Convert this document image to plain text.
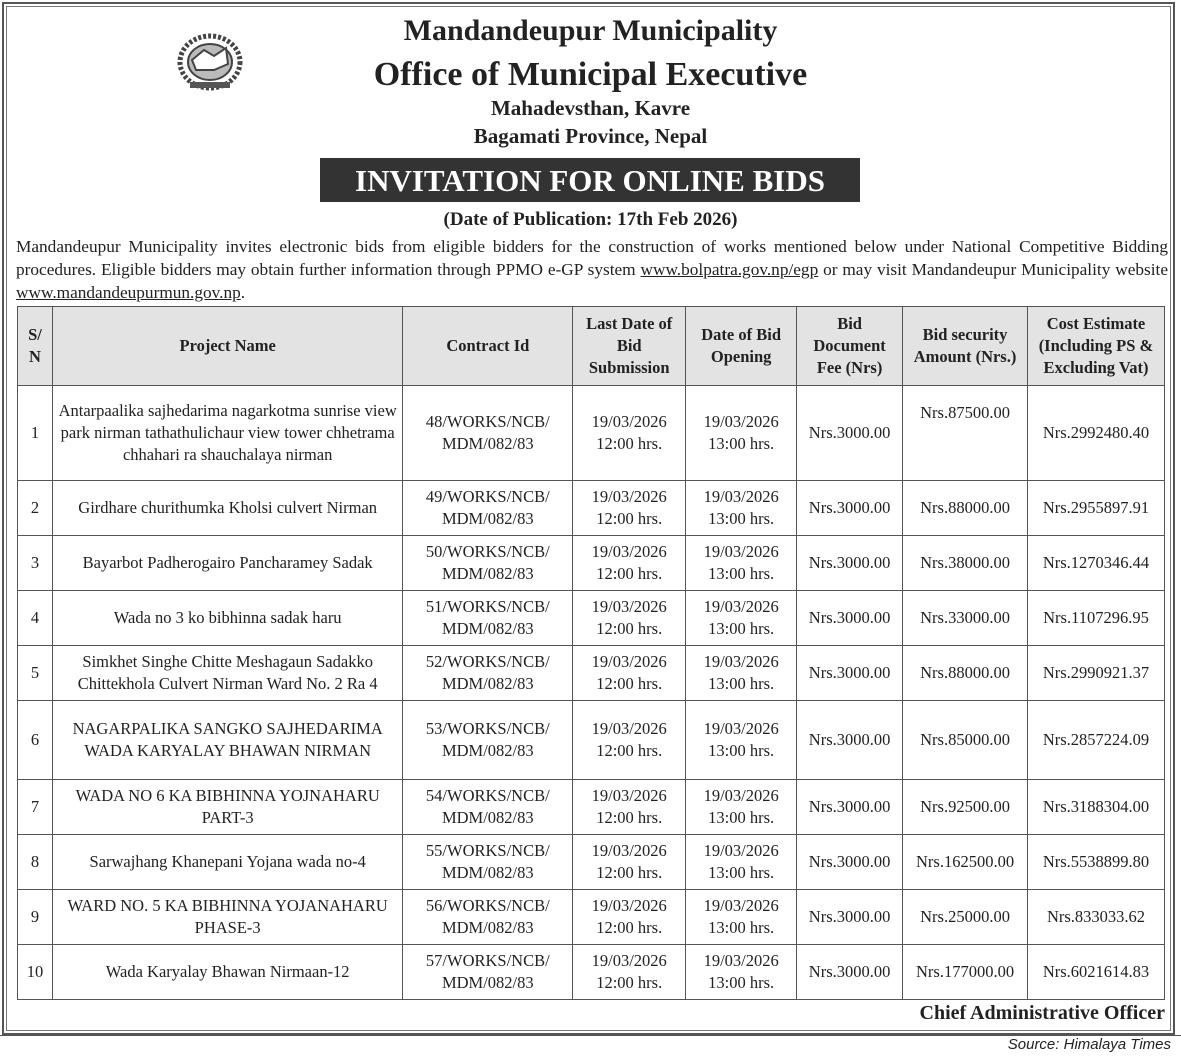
Mandandeupur Municipality
Office of Municipal Executive
Mahadevsthan, Kavre
Bagamati Province, Nepal
INVITATION FOR ONLINE BIDS
(Date of Publication: 17th Feb 2026)
Mandandeupur Municipality invites electronic bids from eligible bidders for the construction of works mentioned below under National Competitive Bidding procedures. Eligible bidders may obtain further information through PPMO e-GP system www.bolpatra.gov.np/egp or may visit Mandandeupur Municipality website www.mandandeupurmun.gov.np.
S/ N	Project Name	Contract Id	Last Date of Bid Submission	Date of Bid Opening	Bid Document Fee (Nrs)	Bid security Amount (Nrs.)	Cost Estimate (Including PS & Excluding Vat)
1	Antarpaalika sajhedarima nagarkotma sunrise view park nirman tathathulichaur view tower chhetrama chhahari ra shauchalaya nirman	48/WORKS/NCB/ MDM/082/83	19/03/2026 12:00 hrs.	19/03/2026 13:00 hrs.	Nrs.3000.00	Nrs.87500.00	Nrs.2992480.40
2	Girdhare churithumka Kholsi culvert Nirman	49/WORKS/NCB/ MDM/082/83	19/03/2026 12:00 hrs.	19/03/2026 13:00 hrs.	Nrs.3000.00	Nrs.88000.00	Nrs.2955897.91
3	Bayarbot Padherogairo Pancharamey Sadak	50/WORKS/NCB/ MDM/082/83	19/03/2026 12:00 hrs.	19/03/2026 13:00 hrs.	Nrs.3000.00	Nrs.38000.00	Nrs.1270346.44
4	Wada no 3 ko bibhinna sadak haru	51/WORKS/NCB/ MDM/082/83	19/03/2026 12:00 hrs.	19/03/2026 13:00 hrs.	Nrs.3000.00	Nrs.33000.00	Nrs.1107296.95
5	Simkhet Singhe Chitte Meshagaun Sadakko Chittekhola Culvert Nirman Ward No. 2 Ra 4	52/WORKS/NCB/ MDM/082/83	19/03/2026 12:00 hrs.	19/03/2026 13:00 hrs.	Nrs.3000.00	Nrs.88000.00	Nrs.2990921.37
6	NAGARPALIKA SANGKO SAJHEDARIMA WADA KARYALAY BHAWAN NIRMAN	53/WORKS/NCB/ MDM/082/83	19/03/2026 12:00 hrs.	19/03/2026 13:00 hrs.	Nrs.3000.00	Nrs.85000.00	Nrs.2857224.09
7	WADA NO 6 KA BIBHINNA YOJNAHARU PART-3	54/WORKS/NCB/ MDM/082/83	19/03/2026 12:00 hrs.	19/03/2026 13:00 hrs.	Nrs.3000.00	Nrs.92500.00	Nrs.3188304.00
8	Sarwajhang Khanepani Yojana wada no-4	55/WORKS/NCB/ MDM/082/83	19/03/2026 12:00 hrs.	19/03/2026 13:00 hrs.	Nrs.3000.00	Nrs.162500.00	Nrs.5538899.80
9	WARD NO. 5 KA BIBHINNA YOJANAHARU PHASE-3	56/WORKS/NCB/ MDM/082/83	19/03/2026 12:00 hrs.	19/03/2026 13:00 hrs.	Nrs.3000.00	Nrs.25000.00	Nrs.833033.62
10	Wada Karyalay Bhawan Nirmaan-12	57/WORKS/NCB/ MDM/082/83	19/03/2026 12:00 hrs.	19/03/2026 13:00 hrs.	Nrs.3000.00	Nrs.177000.00	Nrs.6021614.83
Chief Administrative Officer
Source: Himalaya Times
